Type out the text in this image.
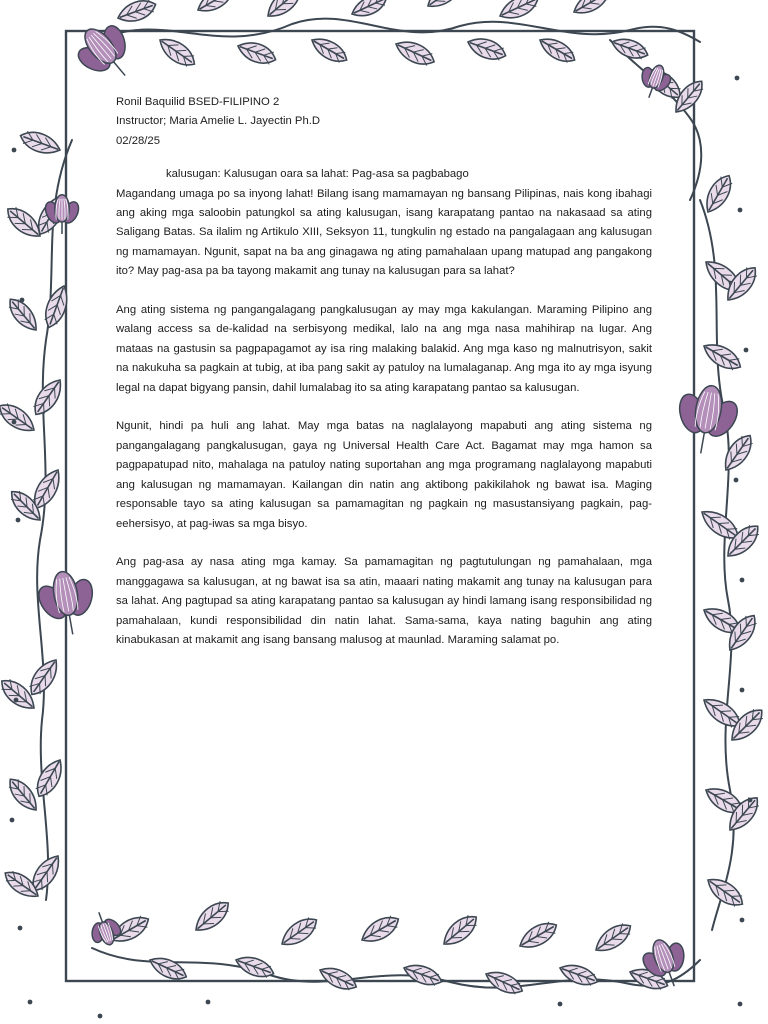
Ronil Baquilid BSED-FILIPINO 2
Instructor; Maria Amelie L. Jayectin Ph.D
02/28/25
kalusugan: Kalusugan oara sa lahat: Pag-asa sa pagbabago

Magandang umaga po sa inyong lahat! Bilang isang mamamayan ng bansang Pilipinas, nais kong ibahagi ang aking mga saloobin patungkol sa ating kalusugan, isang karapatang pantao na nakasaad sa ating Saligang Batas. Sa ilalim ng Artikulo XIII, Seksyon 11, tungkulin ng estado na pangalagaan ang kalusugan ng mamamayan. Ngunit, sapat na ba ang ginagawa ng ating pamahalaan upang matupad ang pangakong ito? May pag-asa pa ba tayong makamit ang tunay na kalusugan para sa lahat?

Ang ating sistema ng pangangalagang pangkalusugan ay may mga kakulangan. Maraming Pilipino ang walang access sa de-kalidad na serbisyong medikal, lalo na ang mga nasa mahihirap na lugar. Ang mataas na gastusin sa pagpapagamot ay isa ring malaking balakid. Ang mga kaso ng malnutrisyon, sakit na nakukuha sa pagkain at tubig, at iba pang sakit ay patuloy na lumalaganap. Ang mga ito ay mga isyung legal na dapat bigyang pansin, dahil lumalabag ito sa ating karapatang pantao sa kalusugan.

Ngunit, hindi pa huli ang lahat. May mga batas na naglalayong mapabuti ang ating sistema ng pangangalagang pangkalusugan, gaya ng Universal Health Care Act. Bagamat may mga hamon sa pagpapatupad nito, mahalaga na patuloy nating suportahan ang mga programang naglalayong mapabuti ang kalusugan ng mamamayan. Kailangan din natin ang aktibong pakikilahok ng bawat isa. Maging responsable tayo sa ating kalusugan sa pamamagitan ng pagkain ng masustansiyang pagkain, pag-eehersisyo, at pag-iwas sa mga bisyo.

Ang pag-asa ay nasa ating mga kamay. Sa pamamagitan ng pagtutulungan ng pamahalaan, mga manggagawa sa kalusugan, at ng bawat isa sa atin, maaari nating makamit ang tunay na kalusugan para sa lahat. Ang pagtupad sa ating karapatang pantao sa kalusugan ay hindi lamang isang responsibilidad ng pamahalaan, kundi responsibilidad din natin lahat. Sama-sama, kaya nating baguhin ang ating kinabukasan at makamit ang isang bansang malusog at maunlad. Maraming salamat po.
